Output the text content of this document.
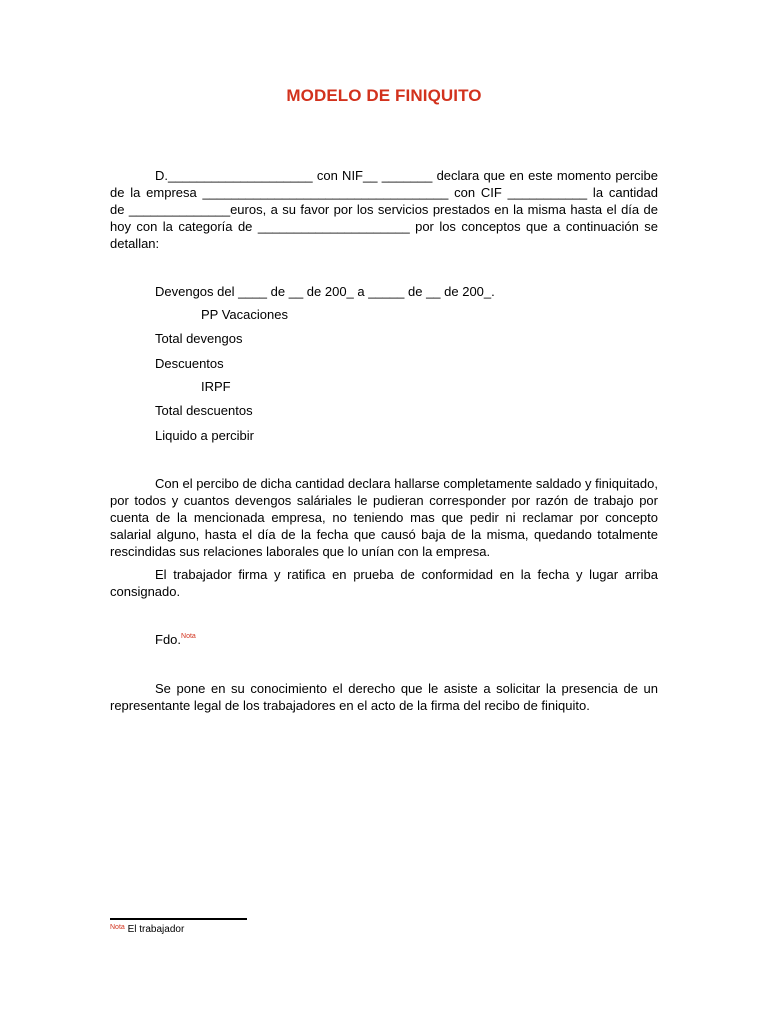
MODELO DE FINIQUITO
D.____________________ con NIF__ _______ declara que en este momento percibe de la empresa __________________________________ con CIF ___________ la cantidad de ______________euros, a su favor por los servicios prestados en la misma hasta el día de hoy con la categoría de _____________________ por los conceptos que a continuación se detallan:
Devengos del ____ de __ de 200_ a _____ de __ de 200_.
PP Vacaciones
Total devengos
Descuentos
IRPF
Total descuentos
Liquido a percibir
Con el percibo de dicha cantidad declara hallarse completamente saldado y finiquitado, por todos y cuantos devengos saláriales le pudieran corresponder por razón de trabajo por cuenta de la mencionada empresa, no teniendo mas que pedir ni reclamar por concepto salarial alguno, hasta el día de la fecha que causó baja de la misma, quedando totalmente rescindidas sus relaciones laborales que lo unían con la empresa.
El trabajador firma y ratifica en prueba de conformidad en la fecha y lugar arriba consignado.
Fdo.$^{Nota}$
Se pone en su conocimiento el derecho que le asiste a solicitar la presencia de un representante legal de los trabajadores en el acto de la firma del recibo de finiquito.
$^{Nota}$ El trabajador
